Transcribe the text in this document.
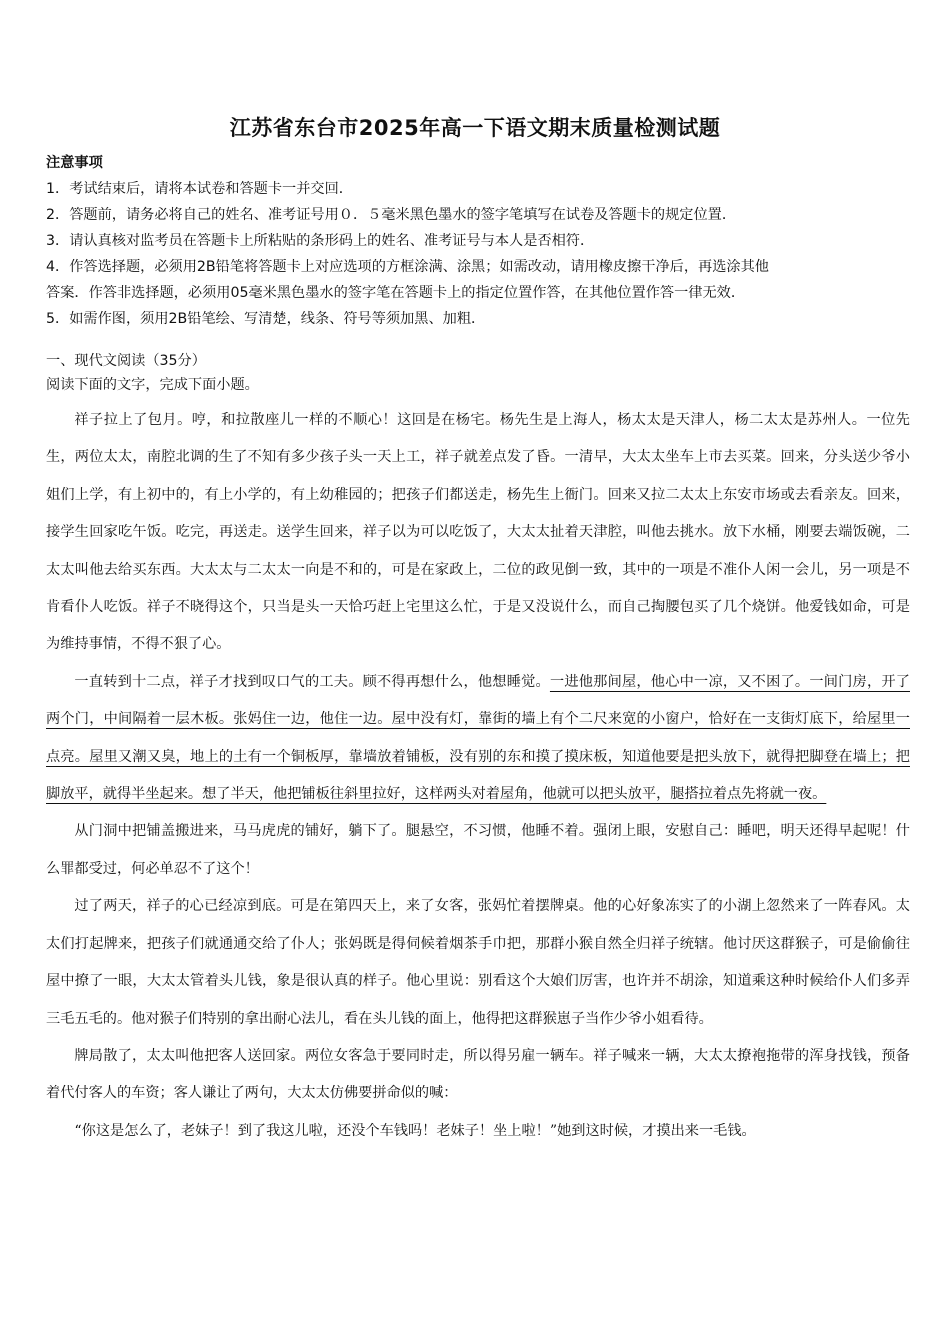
江苏省东台市2025年高一下语文期末质量检测试题
注意事项
1．考试结束后，请将本试卷和答题卡一并交回．
2．答题前，请务必将自己的姓名、准考证号用０．５毫米黑色墨水的签字笔填写在试卷及答题卡的规定位置．
3．请认真核对监考员在答题卡上所粘贴的条形码上的姓名、准考证号与本人是否相符．
4．作答选择题，必须用2B铅笔将答题卡上对应选项的方框涂满、涂黑；如需改动，请用橡皮擦干净后，再选涂其他
答案．作答非选择题，必须用05毫米黑色墨水的签字笔在答题卡上的指定位置作答，在其他位置作答一律无效．
5．如需作图，须用2B铅笔绘、写清楚，线条、符号等须加黑、加粗．
一、现代文阅读（35分）
阅读下面的文字，完成下面小题。

祥子拉上了包月。哼，和拉散座儿一样的不顺心！这回是在杨宅。杨先生是上海人，杨太太是天津人，杨二太太是苏州人。一位先生，两位太太，南腔北调的生了不知有多少孩子头一天上工，祥子就差点发了昏。一清早，大太太坐车上市去买菜。回来，分头送少爷小姐们上学，有上初中的，有上小学的，有上幼稚园的；把孩子们都送走，杨先生上衙门。回来又拉二太太上东安市场或去看亲友。回来，接学生回家吃午饭。吃完，再送走。送学生回来，祥子以为可以吃饭了，大太太扯着天津腔，叫他去挑水。放下水桶，刚要去端饭碗，二太太叫他去给买东西。大太太与二太太一向是不和的，可是在家政上，二位的政见倒一致，其中的一项是不准仆人闲一会儿，另一项是不肯看仆人吃饭。祥子不晓得这个，只当是头一天恰巧赶上宅里这么忙，于是又没说什么，而自己掏腰包买了几个烧饼。他爱钱如命，可是为维持事情，不得不狠了心。

一直转到十二点，祥子才找到叹口气的工夫。顾不得再想什么，他想睡觉。一进他那间屋，他心中一凉，又不困了。一间门房，开了两个门，中间隔着一层木板。张妈住一边，他住一边。屋中没有灯，靠街的墙上有个二尺来宽的小窗户，恰好在一支街灯底下，给屋里一点亮。屋里又潮又臭，地上的土有一个铜板厚，靠墙放着铺板，没有别的东和摸了摸床板，知道他要是把头放下，就得把脚登在墙上；把脚放平，就得半坐起来。想了半天，他把铺板往斜里拉好，这样两头对着屋角，他就可以把头放平，腿搭拉着点先将就一夜。

从门洞中把铺盖搬进来，马马虎虎的铺好，躺下了。腿悬空，不习惯，他睡不着。强闭上眼，安慰自己：睡吧，明天还得早起呢！什么罪都受过，何必单忍不了这个！

过了两天，祥子的心已经凉到底。可是在第四天上，来了女客，张妈忙着摆牌桌。他的心好象冻实了的小湖上忽然来了一阵春风。太太们打起牌来，把孩子们就通通交给了仆人；张妈既是得伺候着烟茶手巾把，那群小猴自然全归祥子统辖。他讨厌这群猴子，可是偷偷往屋中撩了一眼，大太太管着头儿钱，象是很认真的样子。他心里说：别看这个大娘们厉害，也许并不胡涂，知道乘这种时候给仆人们多弄三毛五毛的。他对猴子们特别的拿出耐心法儿，看在头儿钱的面上，他得把这群猴崽子当作少爷小姐看待。

牌局散了，太太叫他把客人送回家。两位女客急于要同时走，所以得另雇一辆车。祥子喊来一辆，大太太撩袍拖带的浑身找钱，预备着代付客人的车资；客人谦让了两句，大太太仿佛要拼命似的喊：

“你这是怎么了，老妹子！到了我这儿啦，还没个车钱吗！老妹子！坐上啦！”她到这时候，才摸出来一毛钱。
